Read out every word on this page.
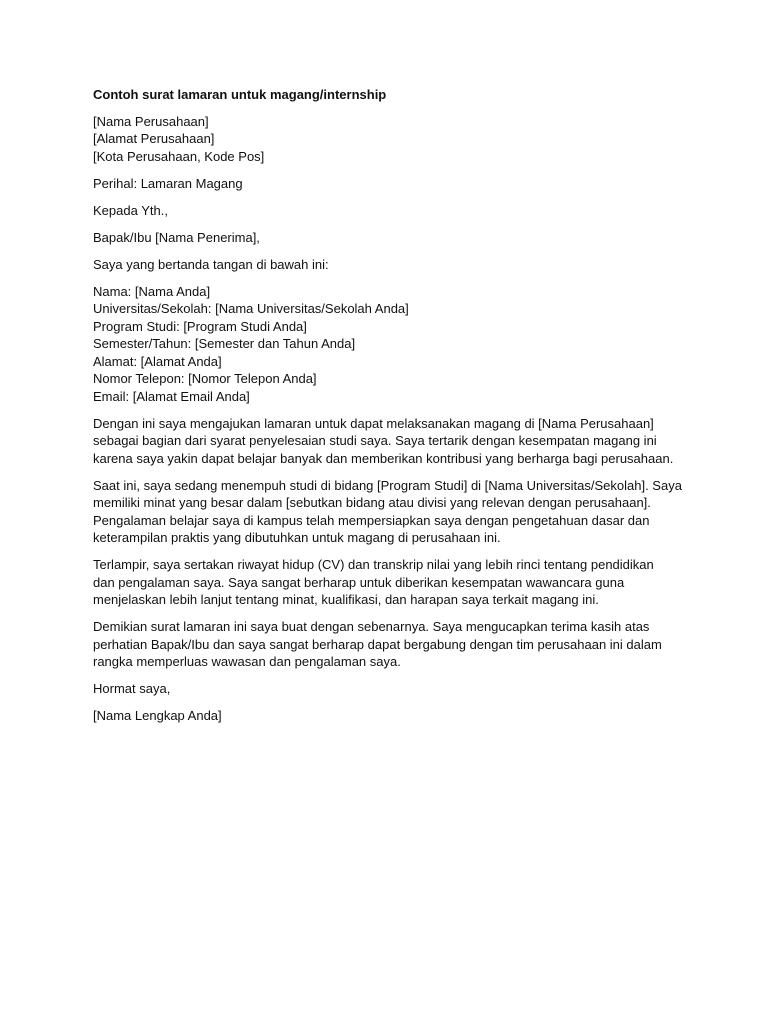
Contoh surat lamaran untuk magang/internship
[Nama Perusahaan]
[Alamat Perusahaan]
[Kota Perusahaan, Kode Pos]
Perihal: Lamaran Magang
Kepada Yth.,
Bapak/Ibu [Nama Penerima],
Saya yang bertanda tangan di bawah ini:
Nama: [Nama Anda]
Universitas/Sekolah: [Nama Universitas/Sekolah Anda]
Program Studi: [Program Studi Anda]
Semester/Tahun: [Semester dan Tahun Anda]
Alamat: [Alamat Anda]
Nomor Telepon: [Nomor Telepon Anda]
Email: [Alamat Email Anda]
Dengan ini saya mengajukan lamaran untuk dapat melaksanakan magang di [Nama Perusahaan]
sebagai bagian dari syarat penyelesaian studi saya. Saya tertarik dengan kesempatan magang ini
karena saya yakin dapat belajar banyak dan memberikan kontribusi yang berharga bagi perusahaan.
Saat ini, saya sedang menempuh studi di bidang [Program Studi] di [Nama Universitas/Sekolah]. Saya
memiliki minat yang besar dalam [sebutkan bidang atau divisi yang relevan dengan perusahaan].
Pengalaman belajar saya di kampus telah mempersiapkan saya dengan pengetahuan dasar dan
keterampilan praktis yang dibutuhkan untuk magang di perusahaan ini.
Terlampir, saya sertakan riwayat hidup (CV) dan transkrip nilai yang lebih rinci tentang pendidikan
dan pengalaman saya. Saya sangat berharap untuk diberikan kesempatan wawancara guna
menjelaskan lebih lanjut tentang minat, kualifikasi, dan harapan saya terkait magang ini.
Demikian surat lamaran ini saya buat dengan sebenarnya. Saya mengucapkan terima kasih atas
perhatian Bapak/Ibu dan saya sangat berharap dapat bergabung dengan tim perusahaan ini dalam
rangka memperluas wawasan dan pengalaman saya.
Hormat saya,
[Nama Lengkap Anda]
